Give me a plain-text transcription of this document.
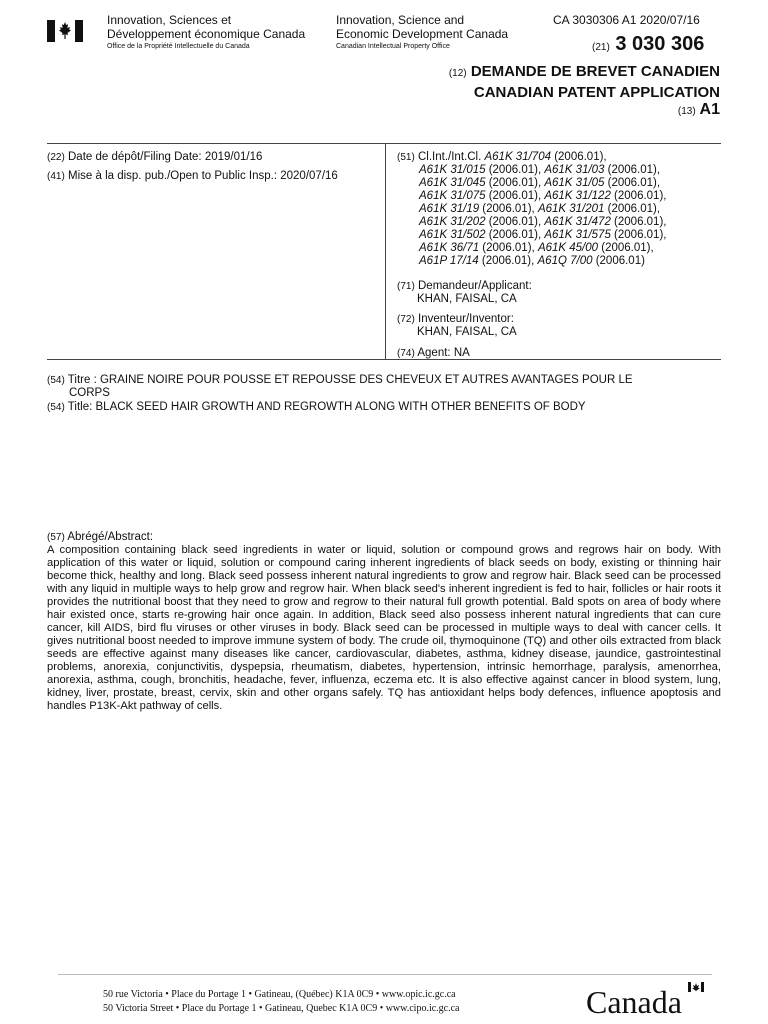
Innovation, Sciences et
Développement économique Canada
Office de la Propriété Intellectuelle du Canada
Innovation, Science and
Economic Development Canada
Canadian Intellectual Property Office
CA 3030306 A1 2020/07/16
(21) 3 030 306
(12) DEMANDE DE BREVET CANADIEN
CANADIAN PATENT APPLICATION
(13) A1
(22) Date de dépôt/Filing Date: 2019/01/16
(41) Mise à la disp. pub./Open to Public Insp.: 2020/07/16
(51) Cl.Int./Int.Cl. A61K 31/704 (2006.01),
A61K 31/015 (2006.01), A61K 31/03 (2006.01),
A61K 31/045 (2006.01), A61K 31/05 (2006.01),
A61K 31/075 (2006.01), A61K 31/122 (2006.01),
A61K 31/19 (2006.01), A61K 31/201 (2006.01),
A61K 31/202 (2006.01), A61K 31/472 (2006.01),
A61K 31/502 (2006.01), A61K 31/575 (2006.01),
A61K 36/71 (2006.01), A61K 45/00 (2006.01),
A61P 17/14 (2006.01), A61Q 7/00 (2006.01)
(71) Demandeur/Applicant:
KHAN, FAISAL, CA
(72) Inventeur/Inventor:
KHAN, FAISAL, CA
(74) Agent: NA
(54) Titre : GRAINE NOIRE POUR POUSSE ET REPOUSSE DES CHEVEUX ET AUTRES AVANTAGES POUR LE
CORPS
(54) Title: BLACK SEED HAIR GROWTH AND REGROWTH ALONG WITH OTHER BENEFITS OF BODY
(57) Abrégé/Abstract:
A composition containing black seed ingredients in water or liquid, solution or compound grows and regrows hair on body. With application of this water or liquid, solution or compound caring inherent ingredients of black seeds on body, existing or thinning hair become thick, healthy and long. Black seed possess inherent natural ingredients to grow and regrow hair. Black seed can be processed with any liquid in multiple ways to help grow and regrow hair. When black seed's inherent ingredient is fed to hair, follicles or hair roots it provides the nutritional boost that they need to grow and regrow to their natural full growth potential. Bald spots on area of body where hair existed once, starts re-growing hair once again. In addition, Black seed also possess inherent natural ingredients that can cure cancer, kill AIDS, bird flu viruses or other viruses in body. Black seed can be processed in multiple ways to deal with cancer cells. It gives nutritional boost needed to improve immune system of body. The crude oil, thymoquinone (TQ) and other oils extracted from black seeds are effective against many diseases like cancer, cardiovascular, diabetes, asthma, kidney disease, jaundice, gastrointestinal problems, anorexia, conjunctivitis, dyspepsia, rheumatism, diabetes, hypertension, intrinsic hemorrhage, paralysis, amenorrhea, anorexia, asthma, cough, bronchitis, headache, fever, influenza, eczema etc. It is also effective against cancer in blood system, lung, kidney, liver, prostate, breast, cervix, skin and other organs safely. TQ has antioxidant helps body defences, influence apoptosis and handles P13K-Akt pathway of cells.
50 rue Victoria • Place du Portage 1 • Gatineau, (Québec) K1A 0C9 • www.opic.ic.gc.ca
50 Victoria Street • Place du Portage 1 • Gatineau, Quebec K1A 0C9 • www.cipo.ic.gc.ca	Canada
